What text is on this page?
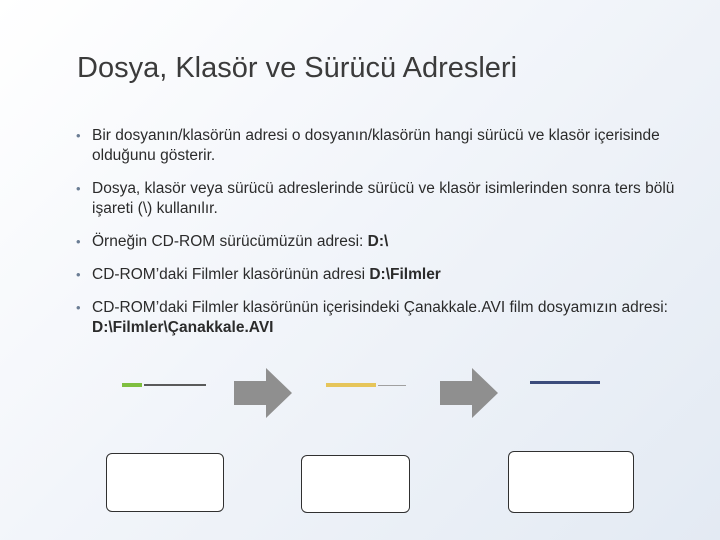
Dosya, Klasör ve Sürücü Adresleri
• Bir dosyanın/klasörün adresi o dosyanın/klasörün hangi sürücü ve klasör içerisinde olduğunu gösterir.
• Dosya, klasör veya sürücü adreslerinde sürücü ve klasör isimlerinden sonra ters bölü işareti (\) kullanılır.
• Örneğin CD-ROM sürücümüzün adresi: D:\
• CD-ROM’daki Filmler klasörünün adresi D:\Filmler
• CD-ROM’daki Filmler klasörünün içerisindeki Çanakkale.AVI film dosyamızın adresi: D:\Filmler\Çanakkale.AVI
